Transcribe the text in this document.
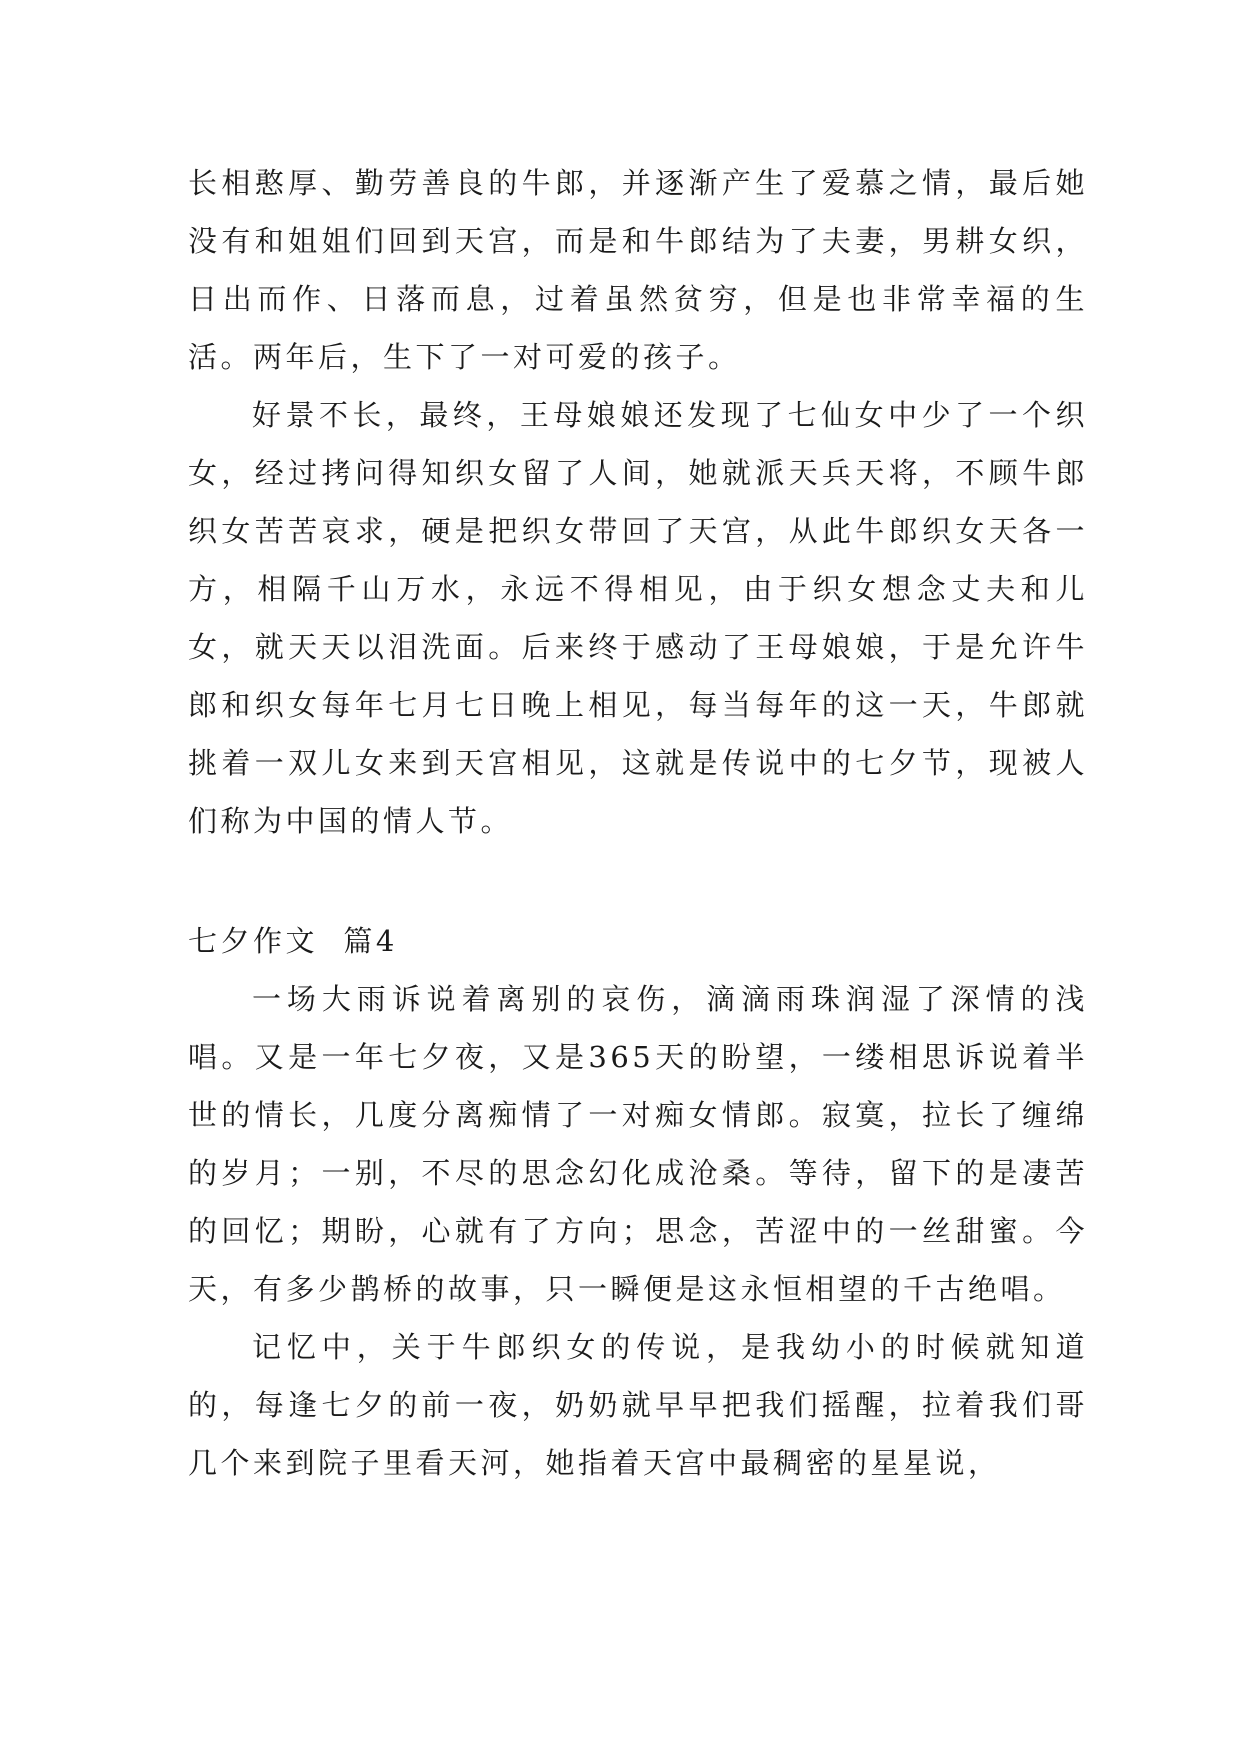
长相憨厚、勤劳善良的牛郎，并逐渐产生了爱慕之情，最后她没有和姐姐们回到天宫，而是和牛郎结为了夫妻，男耕女织，日出而作、日落而息，过着虽然贫穷，但是也非常幸福的生活。两年后，生下了一对可爱的孩子。

好景不长，最终，王母娘娘还发现了七仙女中少了一个织女，经过拷问得知织女留了人间，她就派天兵天将，不顾牛郎织女苦苦哀求，硬是把织女带回了天宫，从此牛郎织女天各一方，相隔千山万水，永远不得相见，由于织女想念丈夫和儿女，就天天以泪洗面。后来终于感动了王母娘娘，于是允许牛郎和织女每年七月七日晚上相见，每当每年的这一天，牛郎就挑着一双儿女来到天宫相见，这就是传说中的七夕节，现被人们称为中国的情人节。

七夕作文  篇4

一场大雨诉说着离别的哀伤，滴滴雨珠润湿了深情的浅唱。又是一年七夕夜，又是365天的盼望，一缕相思诉说着半世的情长，几度分离痴情了一对痴女情郎。寂寞，拉长了缠绵的岁月；一别，不尽的思念幻化成沧桑。等待，留下的是凄苦的回忆；期盼，心就有了方向；思念，苦涩中的一丝甜蜜。今天，有多少鹊桥的故事，只一瞬便是这永恒相望的千古绝唱。

记忆中，关于牛郎织女的传说，是我幼小的时候就知道的，每逢七夕的前一夜，奶奶就早早把我们摇醒，拉着我们哥几个来到院子里看天河，她指着天宫中最稠密的星星说，
